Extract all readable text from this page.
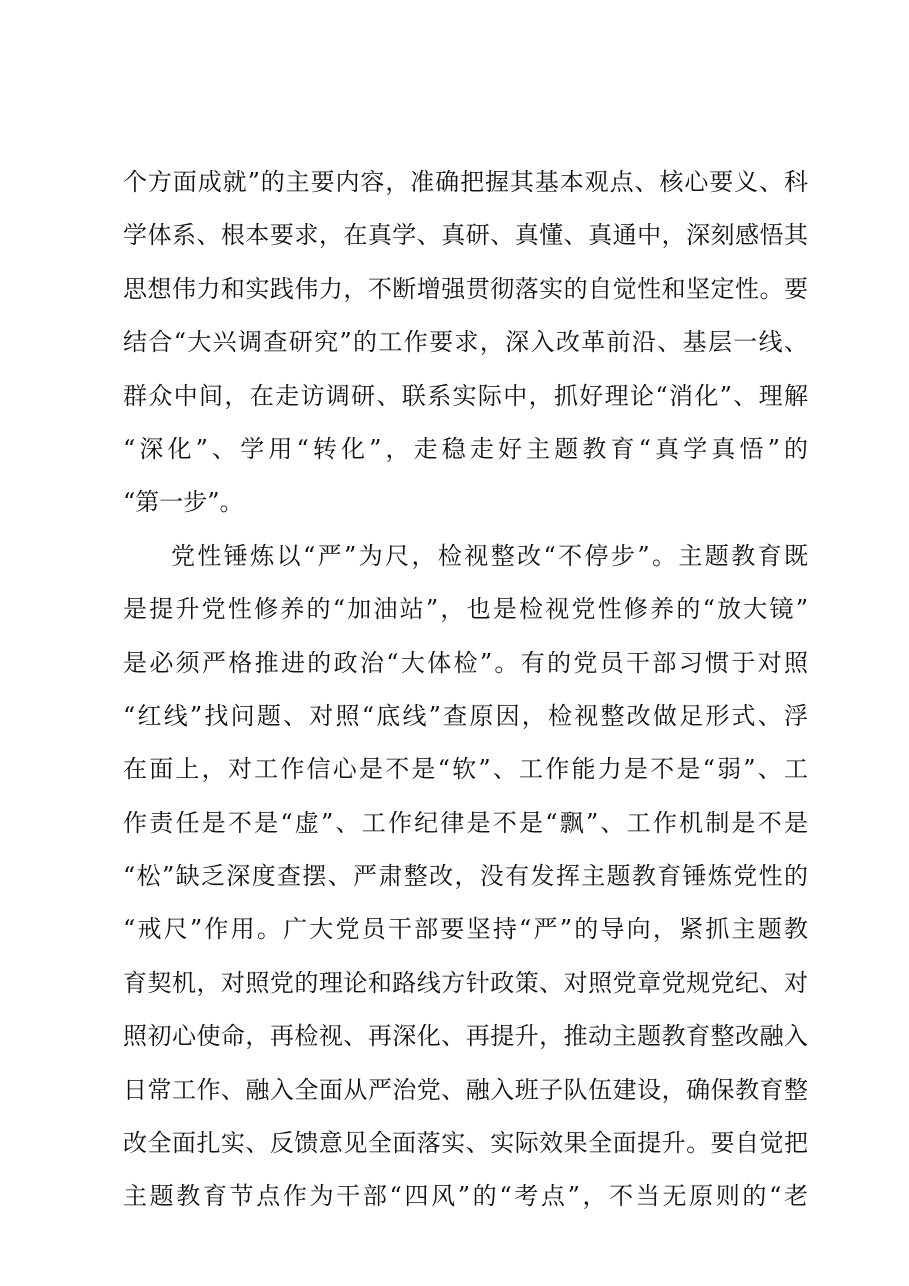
个方面成就”的主要内容，准确把握其基本观点、核心要义、科
学体系、根本要求，在真学、真研、真懂、真通中，深刻感悟其
思想伟力和实践伟力，不断增强贯彻落实的自觉性和坚定性。要
结合“大兴调查研究”的工作要求，深入改革前沿、基层一线、
群众中间，在走访调研、联系实际中，抓好理论“消化”、理解
“深化”、学用“转化”，走稳走好主题教育“真学真悟”的
“第一步”。
党性锤炼以“严”为尺，检视整改“不停步”。主题教育既
是提升党性修养的“加油站”，也是检视党性修养的“放大镜”
是必须严格推进的政治“大体检”。有的党员干部习惯于对照
“红线”找问题、对照“底线”查原因，检视整改做足形式、浮
在面上，对工作信心是不是“软”、工作能力是不是“弱”、工
作责任是不是“虚”、工作纪律是不是“飘”、工作机制是不是
“松”缺乏深度查摆、严肃整改，没有发挥主题教育锤炼党性的
“戒尺”作用。广大党员干部要坚持“严”的导向，紧抓主题教
育契机，对照党的理论和路线方针政策、对照党章党规党纪、对
照初心使命，再检视、再深化、再提升，推动主题教育整改融入
日常工作、融入全面从严治党、融入班子队伍建设，确保教育整
改全面扎实、反馈意见全面落实、实际效果全面提升。要自觉把
主题教育节点作为干部“四风”的“考点”，不当无原则的“老
